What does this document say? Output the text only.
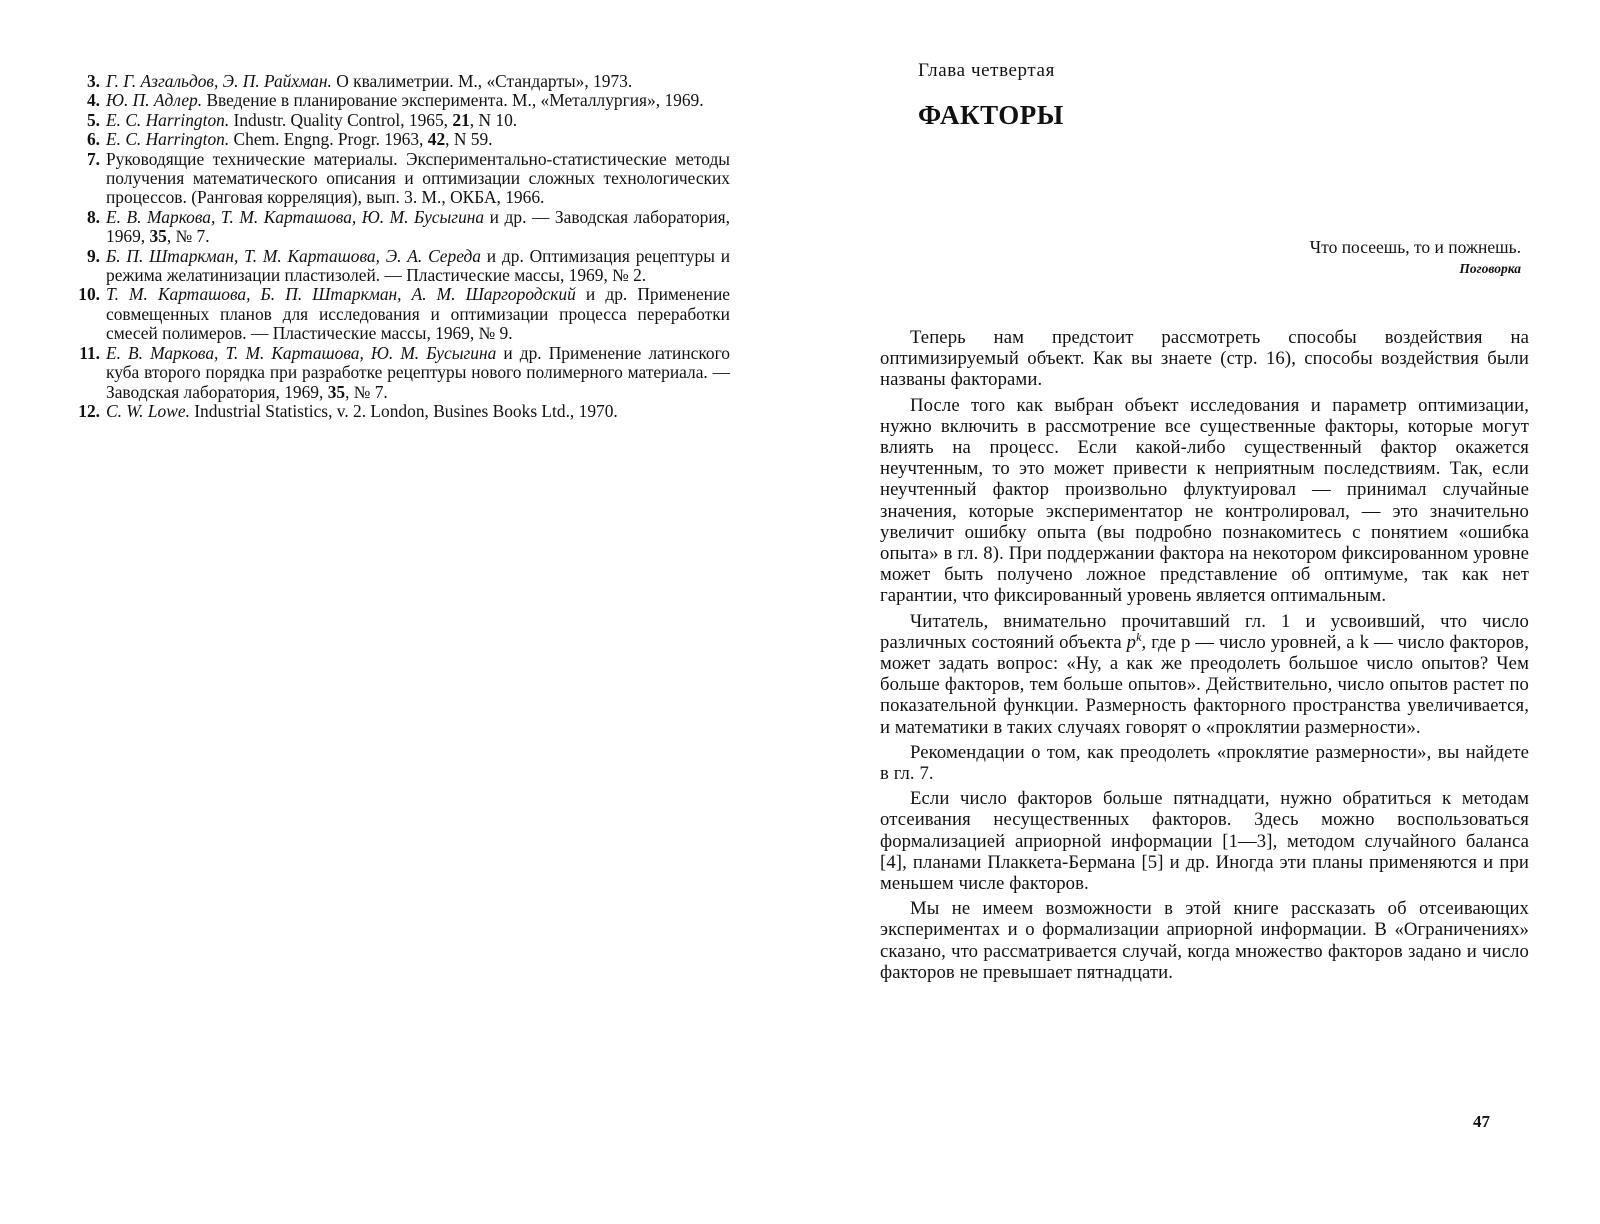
3. Г. Г. Азгальдов, Э. П. Райхман. О квалиметрии. М., «Стандарты», 1973.
4. Ю. П. Адлер. Введение в планирование эксперимента. М., «Металлургия», 1969.
5. E. C. Harrington. Industr. Quality Control, 1965, 21, N 10.
6. E. C. Harrington. Chem. Engng. Progr. 1963, 42, N 59.
7. Руководящие технические материалы. Экспериментально-статистические методы получения математического описания и оптимизации сложных технологических процессов. (Ранговая корреляция), вып. 3. М., ОКБА, 1966.
8. Е. В. Маркова, Т. М. Карташова, Ю. М. Бусыгина и др. — Заводская лаборатория, 1969, 35, № 7.
9. Б. П. Штаркман, Т. М. Карташова, Э. А. Середа и др. Оптимизация рецептуры и режима желатинизации пластизолей. — Пластические массы, 1969, № 2.
10. Т. М. Карташова, Б. П. Штаркман, А. М. Шаргородский и др. Применение совмещенных планов для исследования и оптимизации процесса переработки смесей полимеров. — Пластические массы, 1969, № 9.
11. Е. В. Маркова, Т. М. Карташова, Ю. М. Бусыгина и др. Применение латинского куба второго порядка при разработке рецептуры нового полимерного материала. — Заводская лаборатория, 1969, 35, № 7.
12. C. W. Lowe. Industrial Statistics, v. 2. London, Busines Books Ltd., 1970.
Глава четвертая
ФАКТОРЫ
Что посеешь, то и пожнешь.
Поговорка

Теперь нам предстоит рассмотреть способы воздействия на оптимизируемый объект. Как вы знаете (стр. 16), способы воздействия были названы факторами.

После того как выбран объект исследования и параметр оптимизации, нужно включить в рассмотрение все существенные факторы, которые могут влиять на процесс. Если какой-либо существенный фактор окажется неучтенным, то это может привести к неприятным последствиям. Так, если неучтенный фактор произвольно флуктуировал — принимал случайные значения, которые экспериментатор не контролировал, — это значительно увеличит ошибку опыта (вы подробно познакомитесь с понятием «ошибка опыта» в гл. 8). При поддержании фактора на некотором фиксированном уровне может быть получено ложное представление об оптимуме, так как нет гарантии, что фиксированный уровень является оптимальным.

Читатель, внимательно прочитавший гл. 1 и усвоивший, что число различных состояний объекта $p^k$, где p — число уровней, а k — число факторов, может задать вопрос: «Ну, а как же преодолеть большое число опытов? Чем больше факторов, тем больше опытов». Действительно, число опытов растет по показательной функции. Размерность факторного пространства увеличивается, и математики в таких случаях говорят о «проклятии размерности».

Рекомендации о том, как преодолеть «проклятие размерности», вы найдете в гл. 7.

Если число факторов больше пятнадцати, нужно обратиться к методам отсеивания несущественных факторов. Здесь можно воспользоваться формализацией априорной информации [1—3], методом случайного баланса [4], планами Плаккета-Бермана [5] и др. Иногда эти планы применяются и при меньшем числе факторов.

Мы не имеем возможности в этой книге рассказать об отсеивающих экспериментах и о формализации априорной информации. В «Ограничениях» сказано, что рассматривается случай, когда множество факторов задано и число факторов не превышает пятнадцати.

47
